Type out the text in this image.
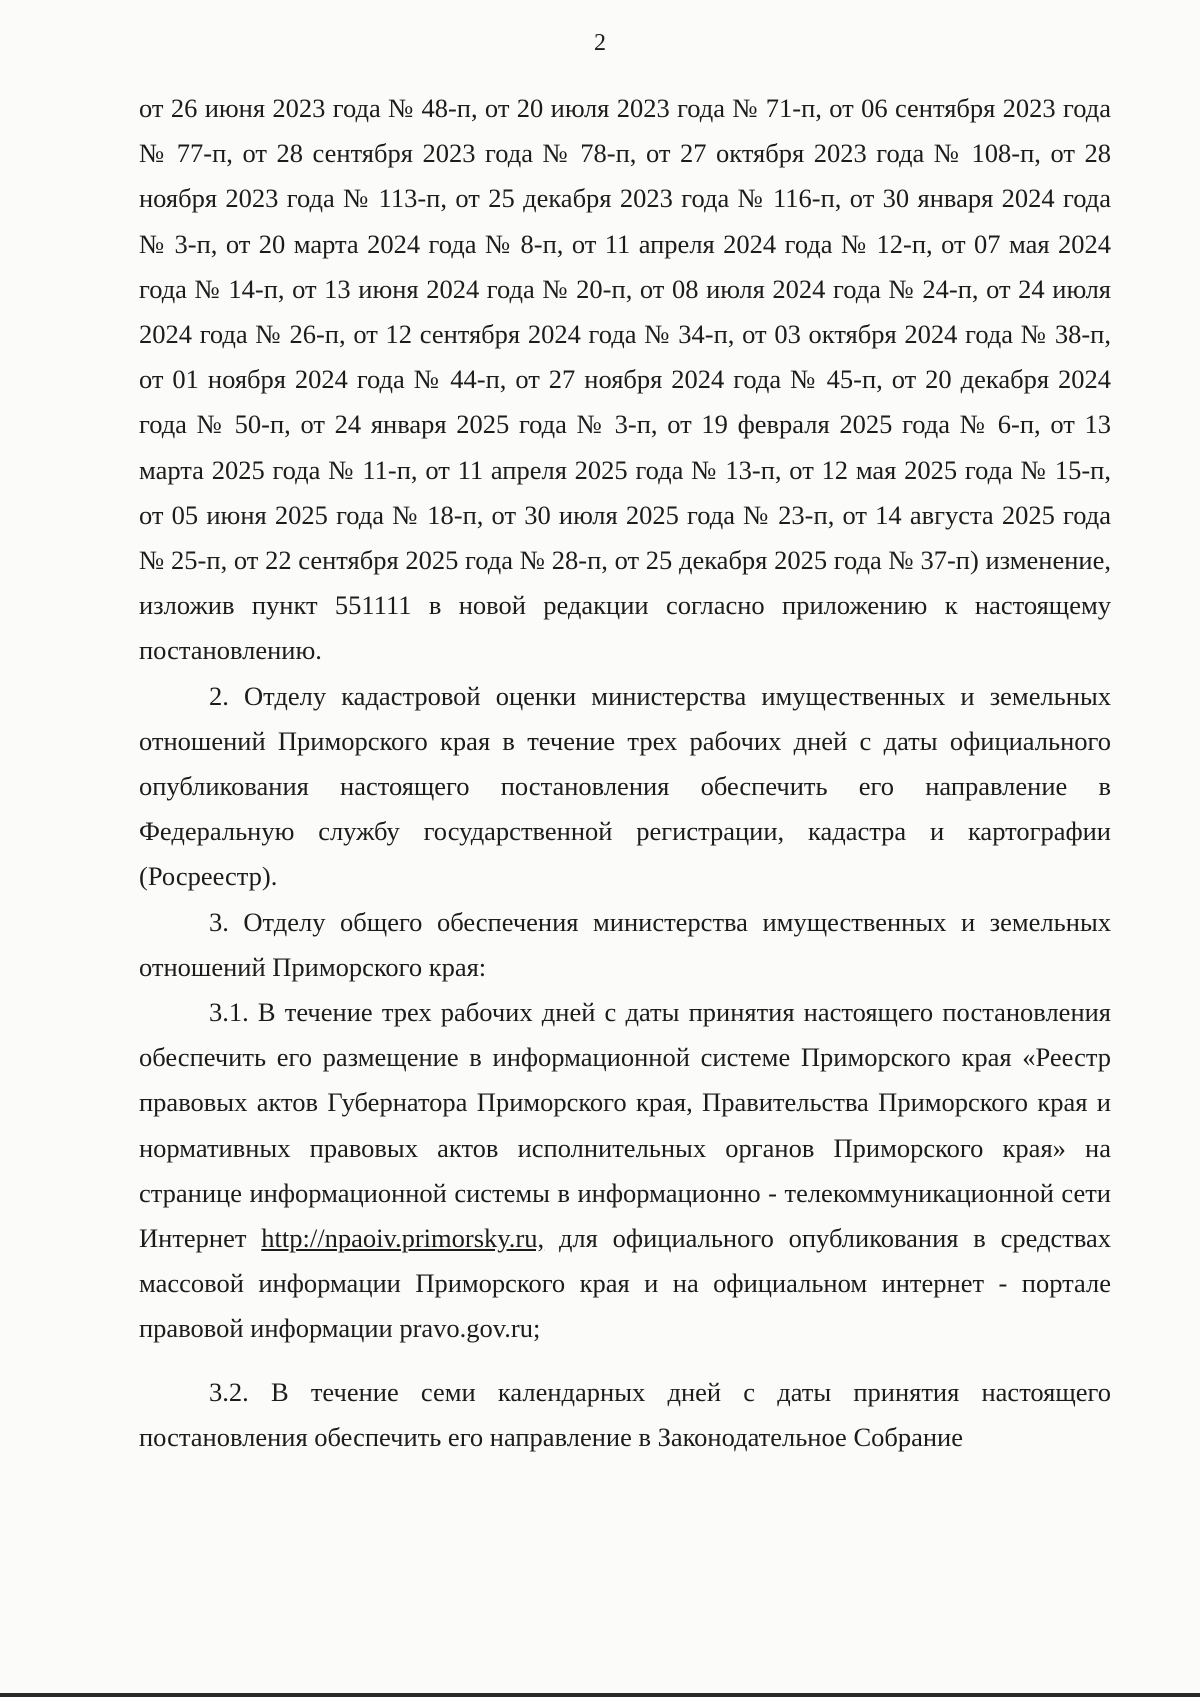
2

от 26 июня 2023 года № 48-п, от 20 июля 2023 года № 71-п, от 06 сентября 2023 года № 77-п, от 28 сентября 2023 года № 78-п, от 27 октября 2023 года № 108-п, от 28 ноября 2023 года № 113-п, от 25 декабря 2023 года № 116-п, от 30 января 2024 года № 3-п, от 20 марта 2024 года № 8-п, от 11 апреля 2024 года № 12-п, от 07 мая 2024 года № 14-п, от 13 июня 2024 года № 20-п, от 08 июля 2024 года № 24-п, от 24 июля 2024 года № 26-п, от 12 сентября 2024 года № 34-п, от 03 октября 2024 года № 38-п, от 01 ноября 2024 года № 44-п, от 27 ноября 2024 года № 45-п, от 20 декабря 2024 года № 50-п, от 24 января 2025 года № 3-п, от 19 февраля 2025 года № 6-п, от 13 марта 2025 года № 11-п, от 11 апреля 2025 года № 13-п, от 12 мая 2025 года № 15-п, от 05 июня 2025 года № 18-п, от 30 июля 2025 года № 23-п, от 14 августа 2025 года № 25-п, от 22 сентября 2025 года № 28-п, от 25 декабря 2025 года № 37-п) изменение, изложив пункт 551111 в новой редакции согласно приложению к настоящему постановлению.

2. Отделу кадастровой оценки министерства имущественных и земельных отношений Приморского края в течение трех рабочих дней с даты официального опубликования настоящего постановления обеспечить его направление в Федеральную службу государственной регистрации, кадастра и картографии (Росреестр).

3. Отделу общего обеспечения министерства имущественных и земельных отношений Приморского края:

3.1. В течение трех рабочих дней с даты принятия настоящего постановления обеспечить его размещение в информационной системе Приморского края «Реестр правовых актов Губернатора Приморского края, Правительства Приморского края и нормативных правовых актов исполнительных органов Приморского края» на странице информационной системы в информационно - телекоммуникационной сети Интернет http://npaoiv.primorsky.ru, для официального опубликования в средствах массовой информации Приморского края и на официальном интернет - портале правовой информации pravo.gov.ru;

3.2. В течение семи календарных дней с даты принятия настоящего постановления обеспечить его направление в Законодательное Собрание
